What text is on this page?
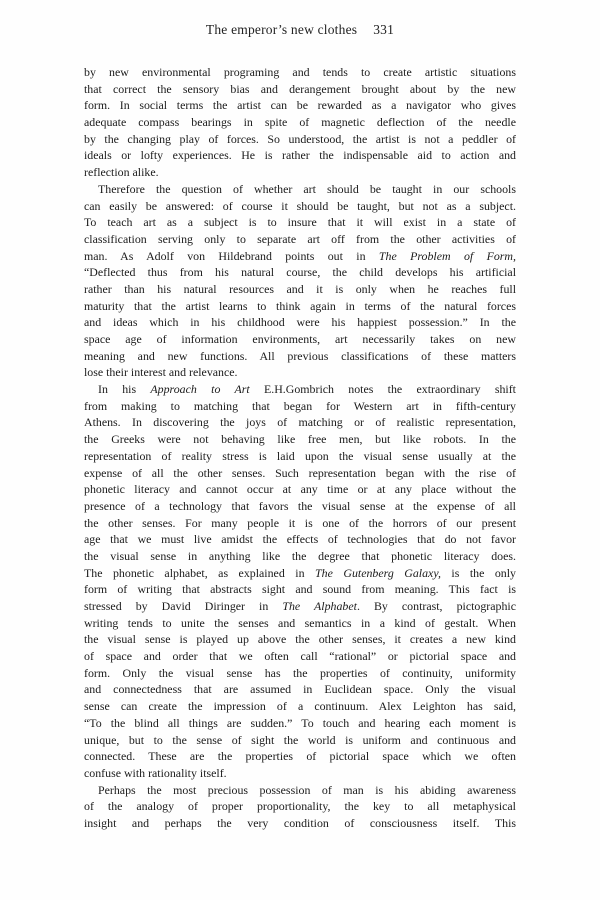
The emperor’s new clothes 331
by new environmental programing and tends to create artistic situations
that correct the sensory bias and derangement brought about by the new
form. In social terms the artist can be rewarded as a navigator who gives
adequate compass bearings in spite of magnetic deflection of the needle
by the changing play of forces. So understood, the artist is not a peddler of
ideals or lofty experiences. He is rather the indispensable aid to action and
reflection alike.
Therefore the question of whether art should be taught in our schools
can easily be answered: of course it should be taught, but not as a subject.
To teach art as a subject is to insure that it will exist in a state of
classification serving only to separate art off from the other activities of
man. As Adolf von Hildebrand points out in The Problem of Form,
“Deflected thus from his natural course, the child develops his artificial
rather than his natural resources and it is only when he reaches full
maturity that the artist learns to think again in terms of the natural forces
and ideas which in his childhood were his happiest possession.” In the
space age of information environments, art necessarily takes on new
meaning and new functions. All previous classifications of these matters
lose their interest and relevance.
In his Approach to Art E.H.Gombrich notes the extraordinary shift
from making to matching that began for Western art in fifth-century
Athens. In discovering the joys of matching or of realistic representation,
the Greeks were not behaving like free men, but like robots. In the
representation of reality stress is laid upon the visual sense usually at the
expense of all the other senses. Such representation began with the rise of
phonetic literacy and cannot occur at any time or at any place without the
presence of a technology that favors the visual sense at the expense of all
the other senses. For many people it is one of the horrors of our present
age that we must live amidst the effects of technologies that do not favor
the visual sense in anything like the degree that phonetic literacy does.
The phonetic alphabet, as explained in The Gutenberg Galaxy, is the only
form of writing that abstracts sight and sound from meaning. This fact is
stressed by David Diringer in The Alphabet. By contrast, pictographic
writing tends to unite the senses and semantics in a kind of gestalt. When
the visual sense is played up above the other senses, it creates a new kind
of space and order that we often call “rational” or pictorial space and
form. Only the visual sense has the properties of continuity, uniformity
and connectedness that are assumed in Euclidean space. Only the visual
sense can create the impression of a continuum. Alex Leighton has said,
“To the blind all things are sudden.” To touch and hearing each moment is
unique, but to the sense of sight the world is uniform and continuous and
connected. These are the properties of pictorial space which we often
confuse with rationality itself.
Perhaps the most precious possession of man is his abiding awareness
of the analogy of proper proportionality, the key to all metaphysical
insight and perhaps the very condition of consciousness itself. This
